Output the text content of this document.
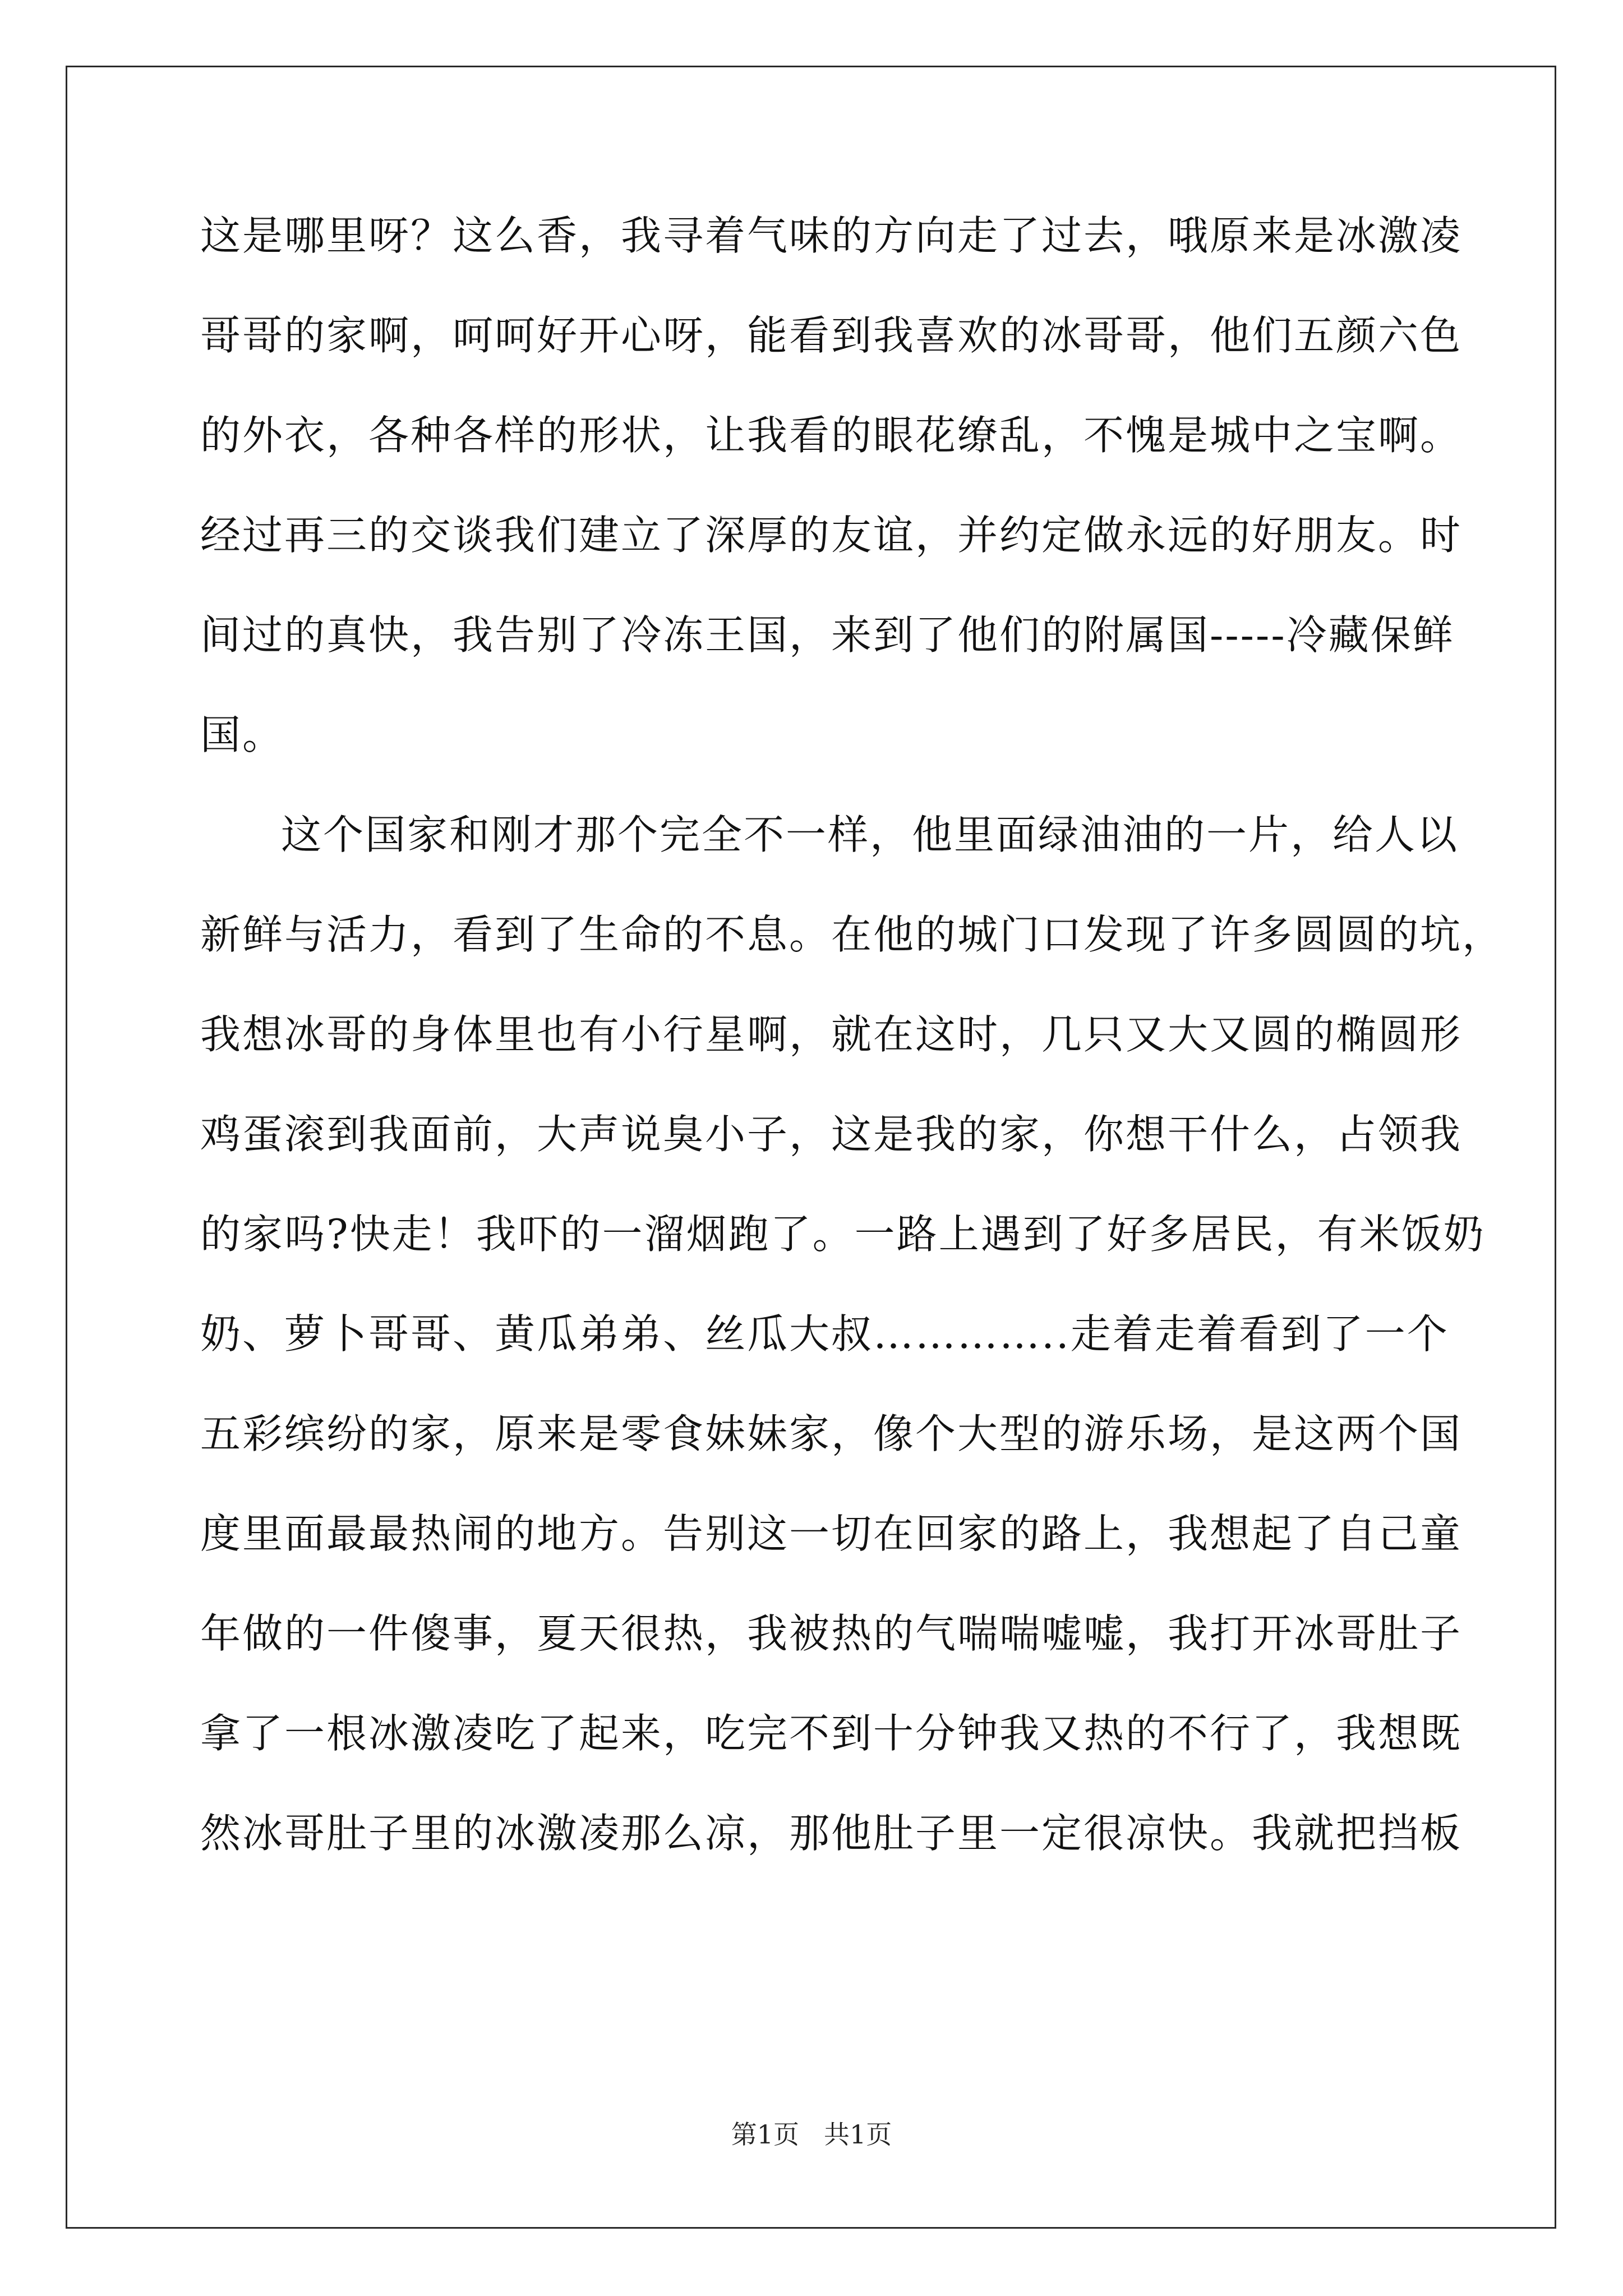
这是哪里呀？这么香，我寻着气味的方向走了过去，哦原来是冰激凌
哥哥的家啊，呵呵好开心呀，能看到我喜欢的冰哥哥，他们五颜六色
的外衣，各种各样的形状，让我看的眼花缭乱，不愧是城中之宝啊。
经过再三的交谈我们建立了深厚的友谊，并约定做永远的好朋友。时
间过的真快，我告别了冷冻王国，来到了他们的附属国-----冷藏保鲜
国。
这个国家和刚才那个完全不一样，他里面绿油油的一片，给人以
新鲜与活力，看到了生命的不息。在他的城门口发现了许多圆圆的坑，
我想冰哥的身体里也有小行星啊，就在这时，几只又大又圆的椭圆形
鸡蛋滚到我面前，大声说臭小子，这是我的家，你想干什么，占领我
的家吗?快走！我吓的一溜烟跑了。一路上遇到了好多居民，有米饭奶
奶、萝卜哥哥、黄瓜弟弟、丝瓜大叔…………..走着走着看到了一个
五彩缤纷的家，原来是零食妹妹家，像个大型的游乐场，是这两个国
度里面最最热闹的地方。告别这一切在回家的路上，我想起了自己童
年做的一件傻事，夏天很热，我被热的气喘喘嘘嘘，我打开冰哥肚子
拿了一根冰激凌吃了起来，吃完不到十分钟我又热的不行了，我想既
然冰哥肚子里的冰激凌那么凉，那他肚子里一定很凉快。我就把挡板
第1页 共1页
